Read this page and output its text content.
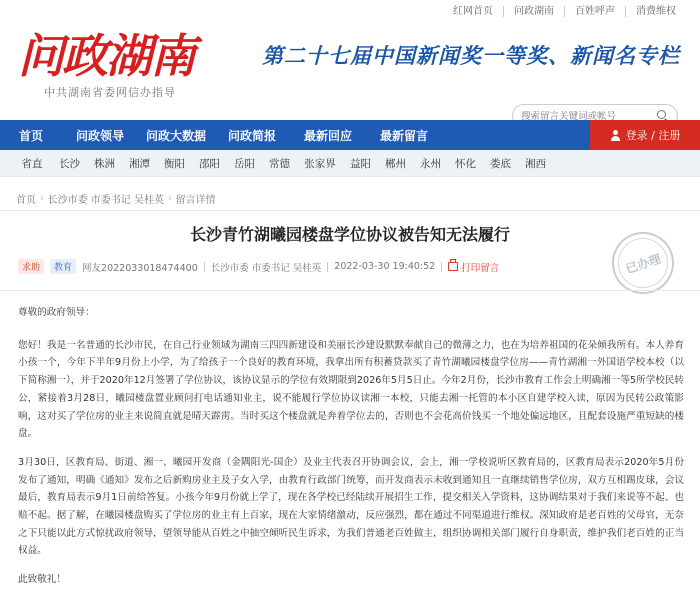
红网首页	问政湖南	百姓呼声	消费维权
问政湖南
中共湖南省委网信办指导
第二十七届中国新闻奖一等奖、新闻名专栏
搜索留言关键词或帐号
首页	问政领导	问政大数据	问政简报	最新回应	最新留言	登录 / 注册
省直	长沙	株洲	湘潭	衡阳	邵阳	岳阳	常德	张家界	益阳	郴州	永州	怀化	娄底	湘西
首页 › 长沙市委 市委书记 吴桂英 › 留言详情
长沙青竹湖曦园楼盘学位协议被告知无法履行
求助	教育	网友2022033018474400 长沙市委 市委书记 吴桂英 2022-03-30 19:40:52	打印留言	已办理

尊敬的政府领导：

您好！我是一名普通的长沙市民，在自己行业领域为湖南三四四新建设和美丽长沙建设默默奉献自己的微薄之力，也在为培养祖国的花朵倾我所有。本人养育小孩一个，今年下半年9月份上小学，为了给孩子一个良好的教育环境，我拿出所有积蓄贷款买了青竹湖曦园楼盘学位房——青竹湖湘一外国语学校本校（以下简称湘一），并于2020年12月签署了学位协议，该协议显示的学位有效期限到2026年5月5日止。今年2月份，长沙市教育工作会上明确湘一等5所学校民转公，紧接着3月28日，曦园楼盘置业顾问打电话通知业主，说不能履行学位协议读湘一本校，只能去湘一托管的本小区自建学校入读，原因为民转公政策影响，这对买了学位房的业主来说简直就是晴天霹雳。当时买这个楼盘就是奔着学位去的，否则也不会花高价钱买一个地处偏远地区，且配套设施严重短缺的楼盘。

3月30日，区教育局、街道、湘一、曦园开发商（金隅阳光-国企）及业主代表召开协调会议，会上，湘一学校说听区教育局的，区教育局表示2020年5月份发布了通知，明确《通知》发布之后新购房业主及子女入学，由教育行政部门统筹，而开发商表示未收到通知且一直继续销售学位房，双方互相踢皮球，会议最后，教育局表示9月1日前给答复。小孩今年9月份就上学了，现在各学校已经陆续开展招生工作，提交相关入学资料，这协调结果对于我们来说等不起、也赔不起。据了解，在曦园楼盘购买了学位房的业主有上百家，现在大家情绪激动，反应强烈，都在通过不同渠道进行维权。深知政府是老百姓的父母官，无奈之下只能以此方式惊扰政府领导，望领导能从百姓之中抽空倾听民生诉求，为我们普通老百姓做主，组织协调相关部门履行自身职责，维护我们老百姓的正当权益。

此致敬礼！
